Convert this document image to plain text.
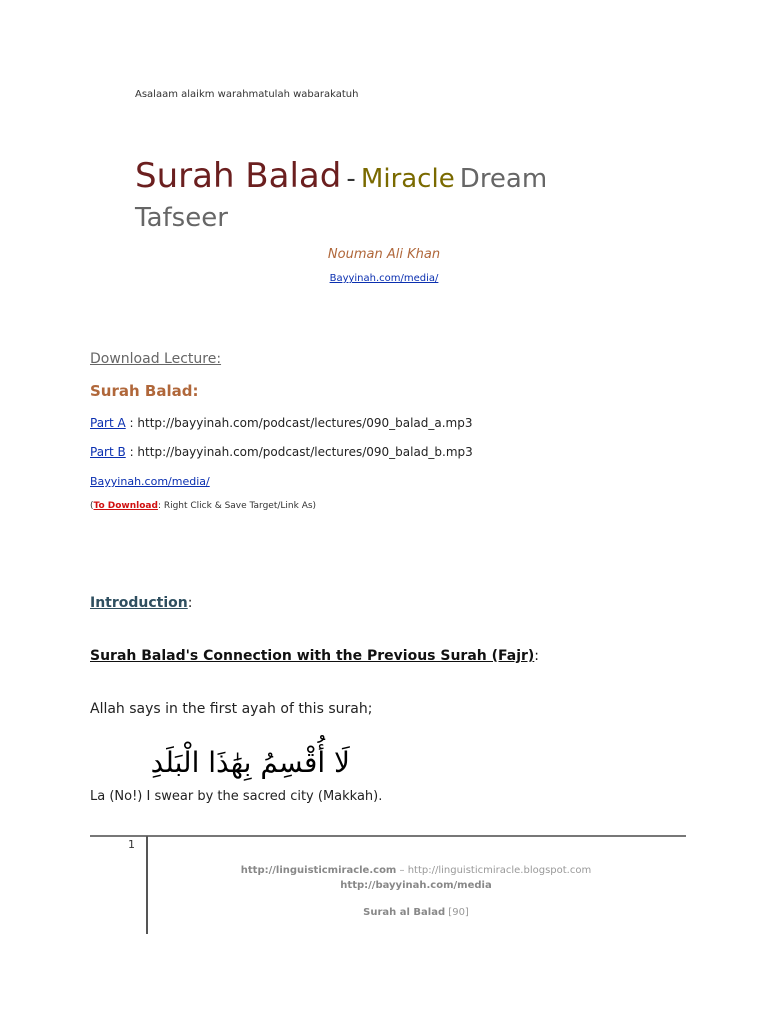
Asalaam alaikm warahmatulah wabarakatuh
Surah Balad - Miracle Dream
Tafseer
Nouman Ali Khan
Bayyinah.com/media/
Download Lecture:
Surah Balad:
Part A : http://bayyinah.com/podcast/lectures/090_balad_a.mp3
Part B : http://bayyinah.com/podcast/lectures/090_balad_b.mp3
Bayyinah.com/media/
(To Download: Right Click & Save Target/Link As)
Introduction:
Surah Balad's Connection with the Previous Surah (Fajr):
Allah says in the first ayah of this surah;
لَا أُقْسِمُ بِهَٰذَا الْبَلَدِ
La (No!) I swear by the sacred city (Makkah).
1
http://linguisticmiracle.com – http://linguisticmiracle.blogspot.com
http://bayyinah.com/media
Surah al Balad [90]
